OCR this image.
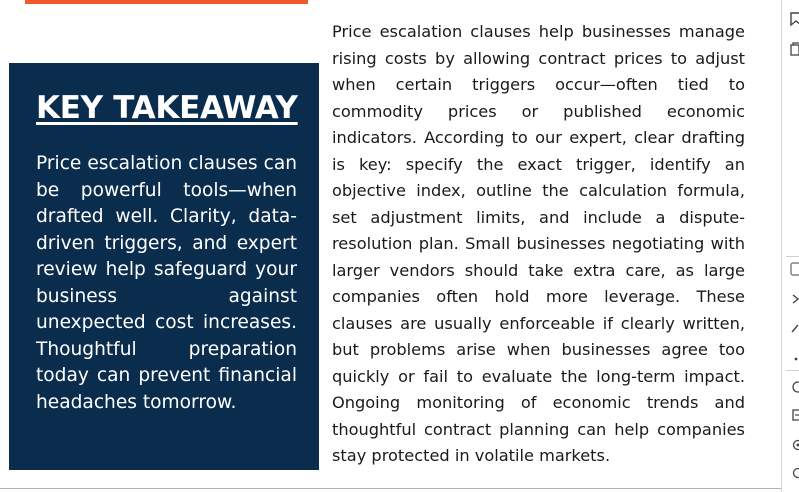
KEY TAKEAWAY

Price escalation clauses can be powerful tools—when drafted well. Clarity, data-driven triggers, and expert review help safeguard your business against unexpected cost increases. Thoughtful preparation today can prevent financial headaches tomorrow.

Price escalation clauses help businesses manage rising costs by allowing contract prices to adjust when certain triggers occur—often tied to commodity prices or published economic indicators. According to our expert, clear drafting is key: specify the exact trigger, identify an objective index, outline the calculation formula, set adjustment limits, and include a dispute-resolution plan. Small businesses negotiating with larger vendors should take extra care, as large companies often hold more leverage. These clauses are usually enforceable if clearly written, but problems arise when businesses agree too quickly or fail to evaluate the long-term impact. Ongoing monitoring of economic trends and thoughtful contract planning can help companies stay protected in volatile markets.
